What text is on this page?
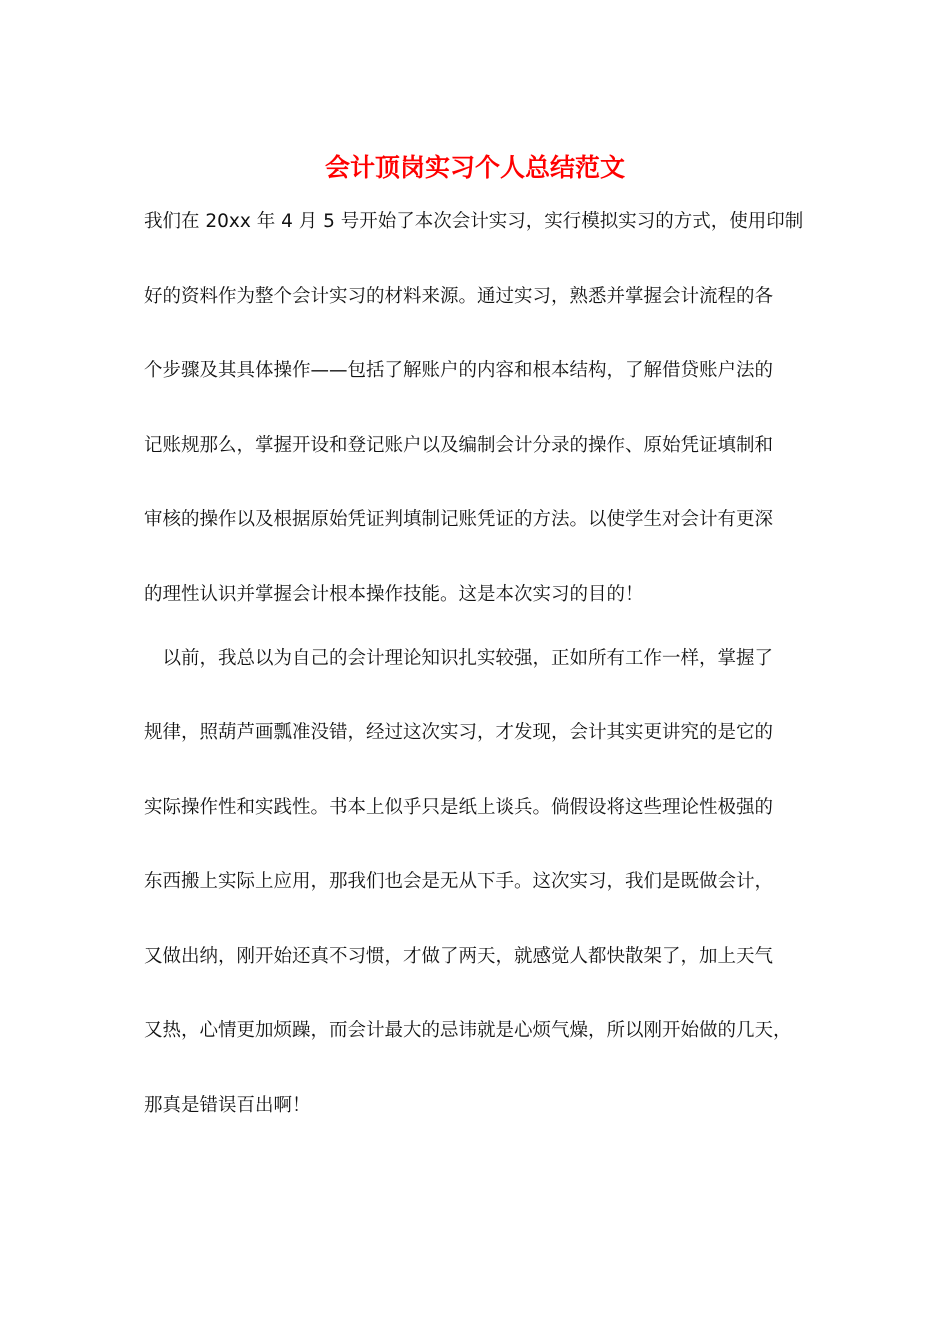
会计顶岗实习个人总结范文
我们在 20xx 年 4 月 5 号开始了本次会计实习，实行模拟实习的方式，使用印制
好的资料作为整个会计实习的材料来源。通过实习，熟悉并掌握会计流程的各
个步骤及其具体操作——包括了解账户的内容和根本结构，了解借贷账户法的
记账规那么，掌握开设和登记账户以及编制会计分录的操作、原始凭证填制和
审核的操作以及根据原始凭证判填制记账凭证的方法。以使学生对会计有更深
的理性认识并掌握会计根本操作技能。这是本次实习的目的！
　以前，我总以为自己的会计理论知识扎实较强，正如所有工作一样，掌握了
规律，照葫芦画瓢准没错，经过这次实习，才发现，会计其实更讲究的是它的
实际操作性和实践性。书本上似乎只是纸上谈兵。倘假设将这些理论性极强的
东西搬上实际上应用，那我们也会是无从下手。这次实习，我们是既做会计，
又做出纳，刚开始还真不习惯，才做了两天，就感觉人都快散架了，加上天气
又热，心情更加烦躁，而会计最大的忌讳就是心烦气燥，所以刚开始做的几天，
那真是错误百出啊！
